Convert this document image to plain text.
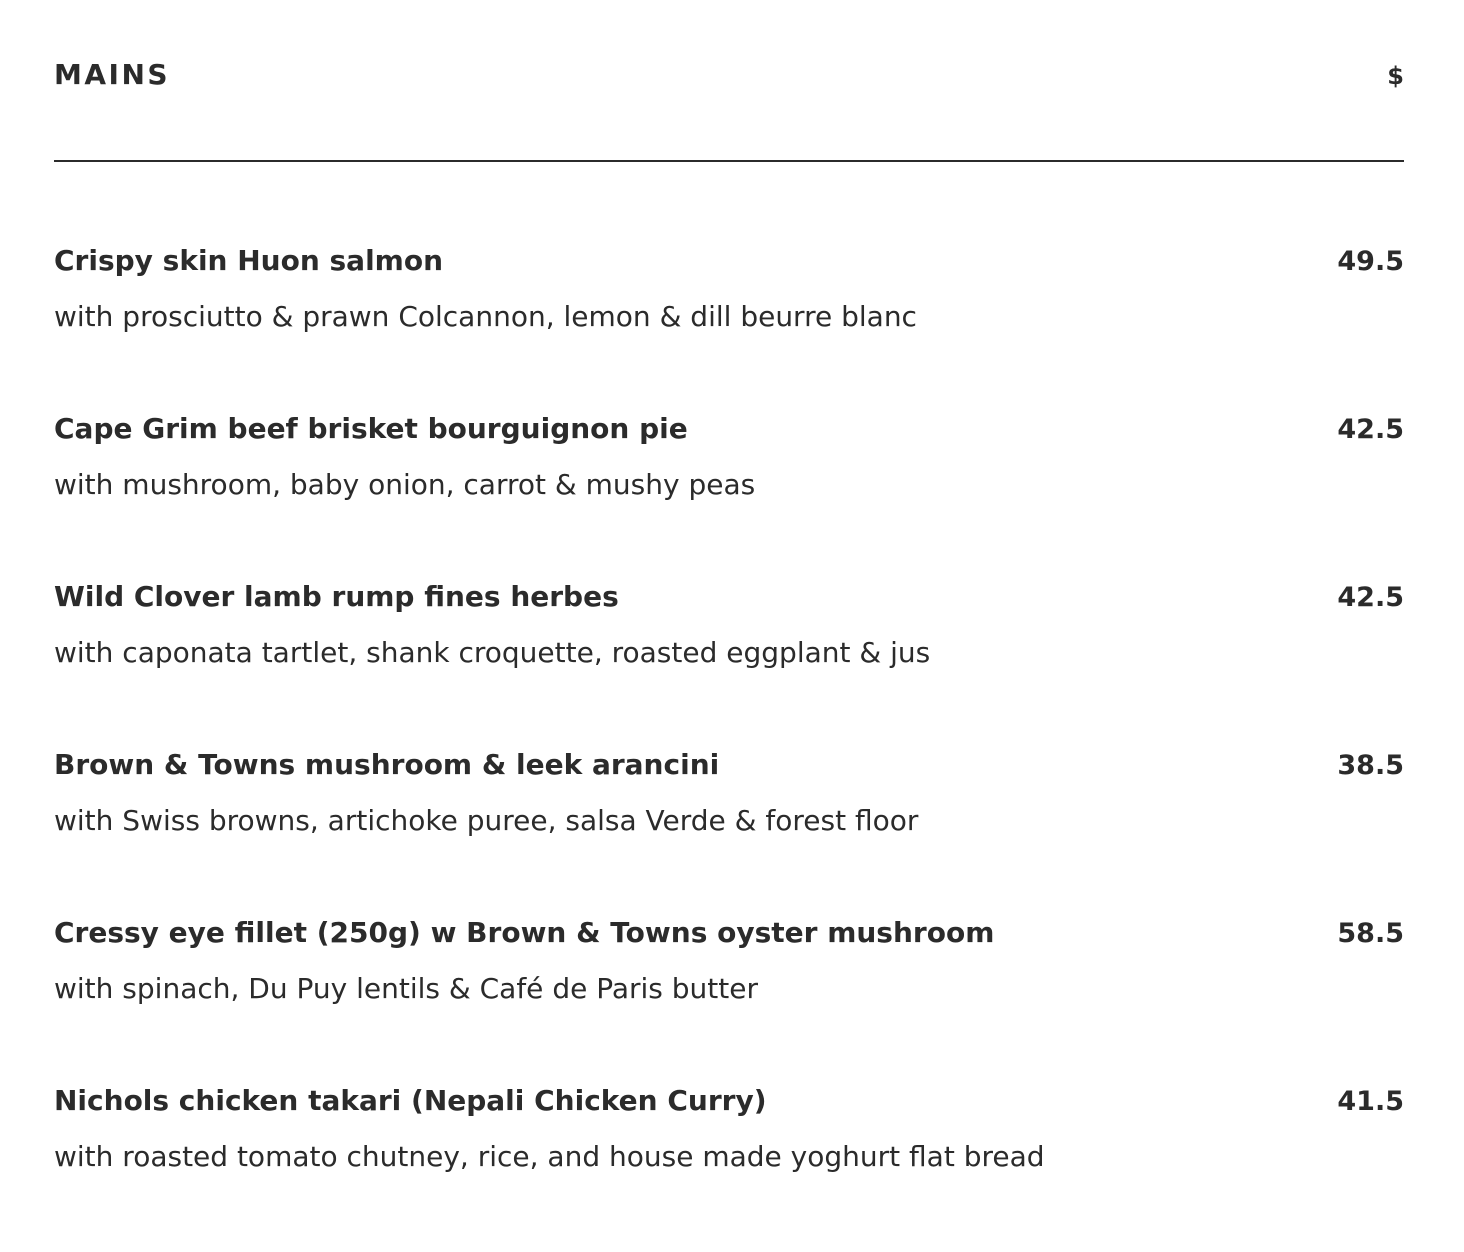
MAINS	$
Crispy skin Huon salmon	49.5
with prosciutto & prawn Colcannon, lemon & dill beurre blanc
Cape Grim beef brisket bourguignon pie	42.5
with mushroom, baby onion, carrot & mushy peas
Wild Clover lamb rump fines herbes	42.5
with caponata tartlet, shank croquette, roasted eggplant & jus
Brown & Towns mushroom & leek arancini	38.5
with Swiss browns, artichoke puree, salsa Verde & forest floor
Cressy eye fillet (250g) w Brown & Towns oyster mushroom	58.5
with spinach, Du Puy lentils & Café de Paris butter
Nichols chicken takari (Nepali Chicken Curry)	41.5
with roasted tomato chutney, rice, and house made yoghurt flat bread
